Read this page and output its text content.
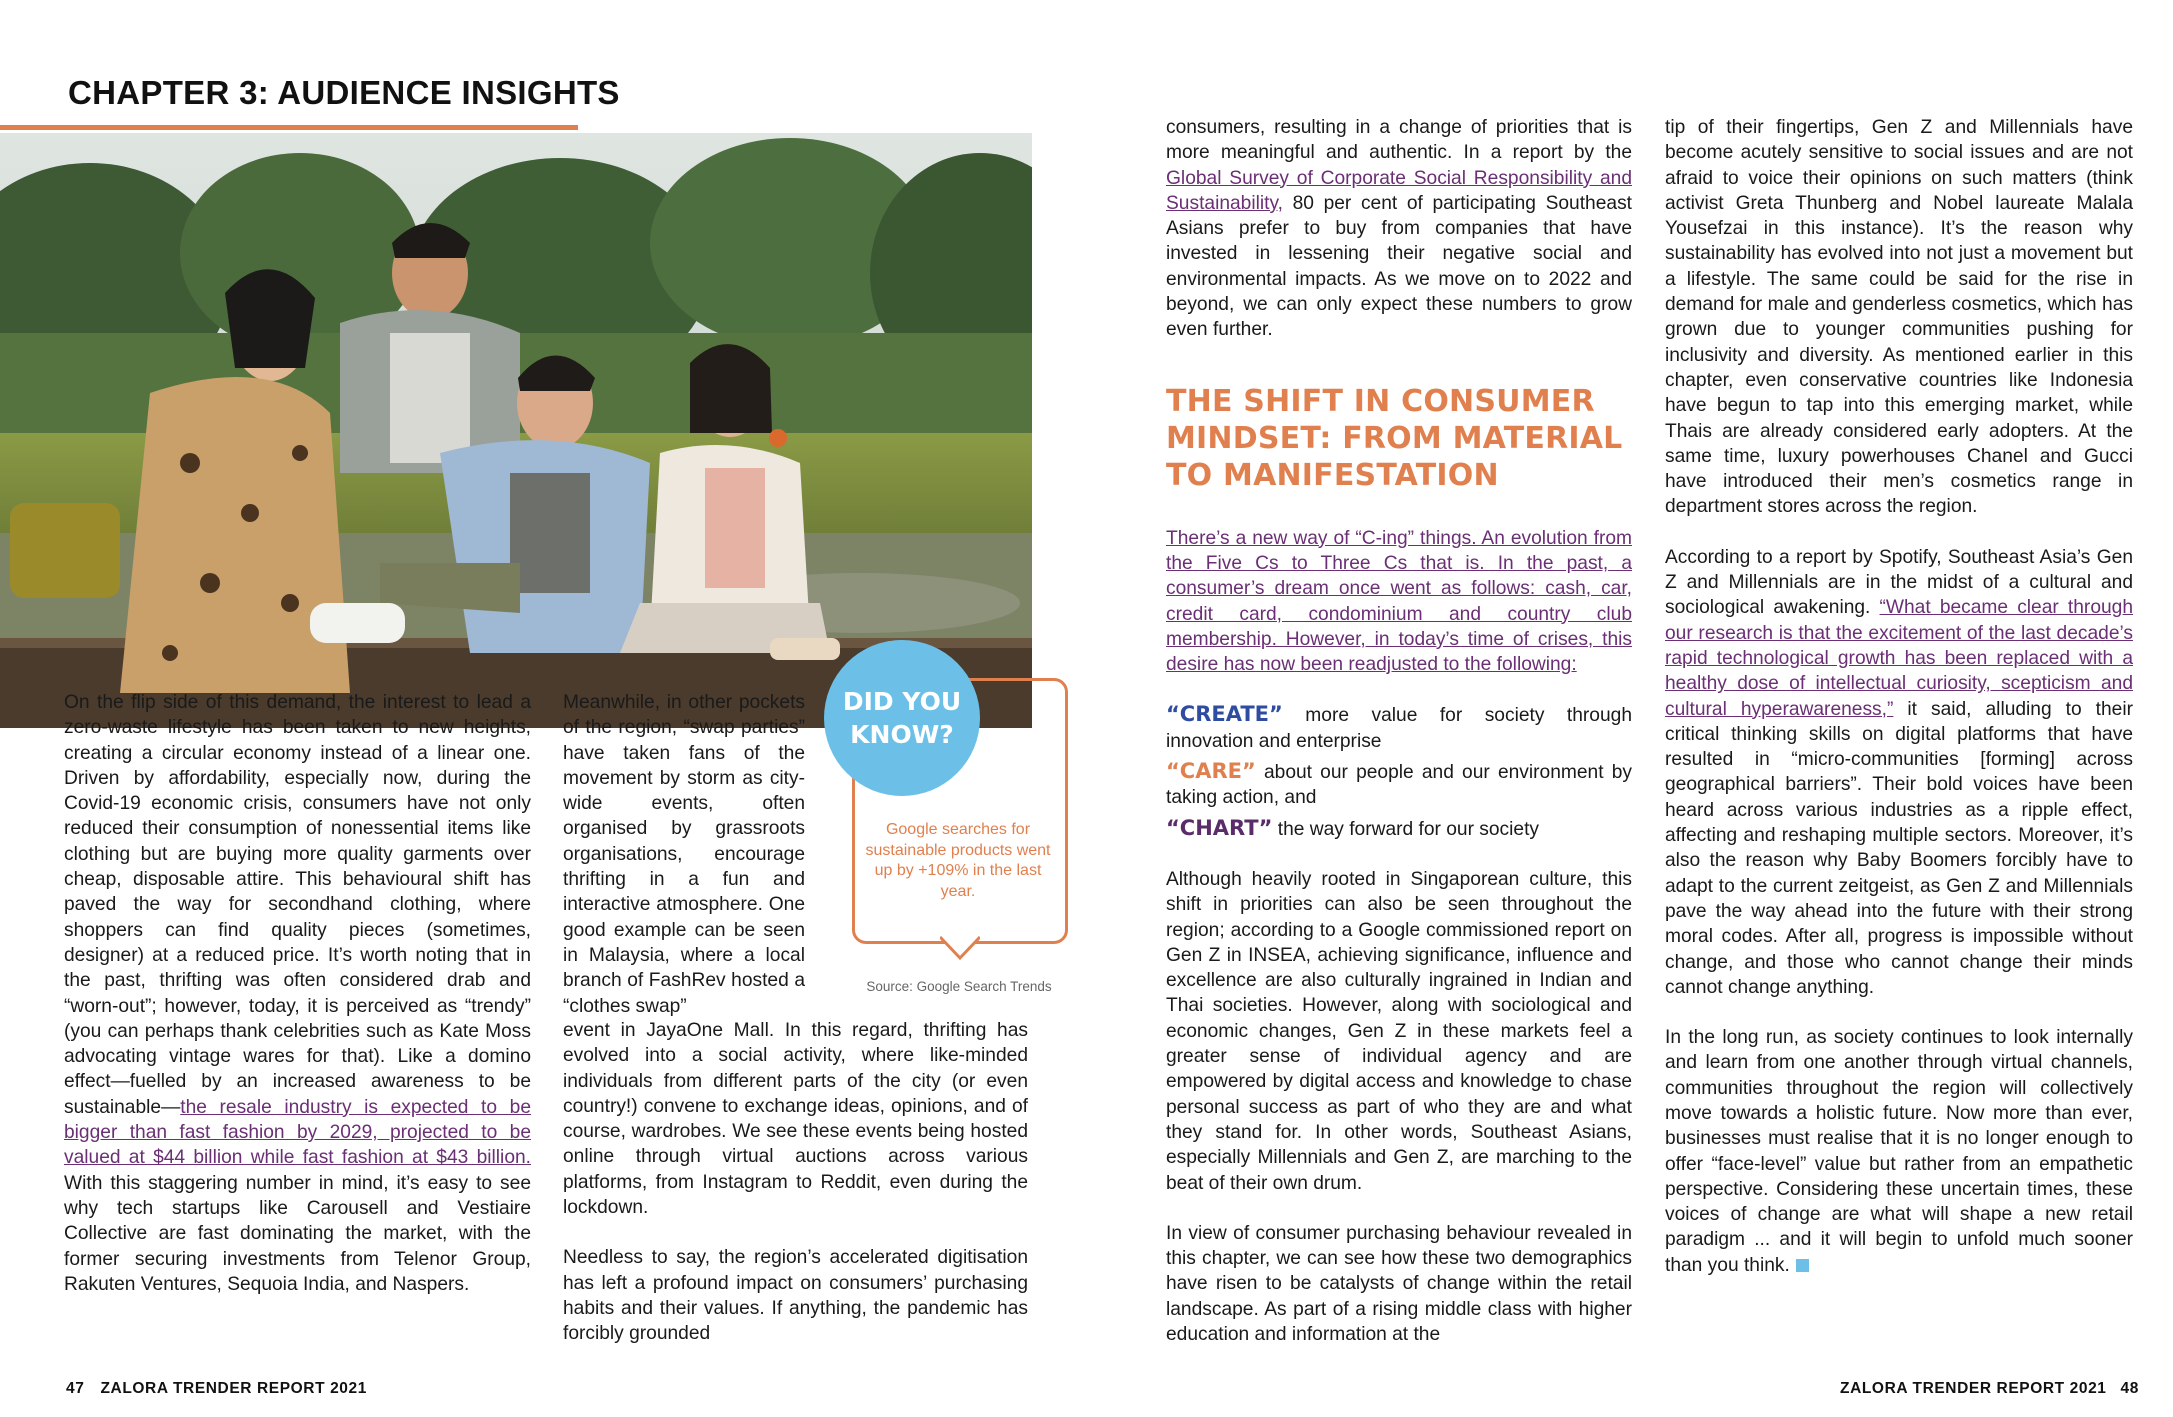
CHAPTER 3: AUDIENCE INSIGHTS

On the flip side of this demand, the interest to lead a zero-waste lifestyle has been taken to new heights, creating a circular economy instead of a linear one. Driven by affordability, especially now, during the Covid-19 economic crisis, consumers have not only reduced their consumption of nonessential items like clothing but are buying more quality garments over cheap, disposable attire. This behavioural shift has paved the way for secondhand clothing, where shoppers can find quality pieces (sometimes, designer) at a reduced price. It’s worth noting that in the past, thrifting was often considered drab and “worn-out”; however, today, it is perceived as “trendy” (you can perhaps thank celebrities such as Kate Moss advocating vintage wares for that). Like a domino effect—fuelled by an increased awareness to be sustainable—the resale industry is expected to be bigger than fast fashion by 2029, projected to be valued at $44 billion while fast fashion at $43 billion. With this staggering number in mind, it’s easy to see why tech startups like Carousell and Vestiaire Collective are fast dominating the market, with the former securing investments from Telenor Group, Rakuten Ventures, Sequoia India, and Naspers.

Meanwhile, in other pockets of the region, “swap parties” have taken fans of the movement by storm as city-wide events, often organised by grassroots organisations, encourage thrifting in a fun and interactive atmosphere. One good example can be seen in Malaysia, where a local branch of FashRev hosted a “clothes swap”

event in JayaOne Mall. In this regard, thrifting has evolved into a social activity, where like-minded individuals from different parts of the city (or even country!) convene to exchange ideas, opinions, and of course, wardrobes. We see these events being hosted online through virtual auctions across various platforms, from Instagram to Reddit, even during the lockdown.

Needless to say, the region’s accelerated digitisation has left a profound impact on consumers’ purchasing habits and their values. If anything, the pandemic has forcibly grounded

DID YOU
KNOW?
Google searches for sustainable products went up by +109% in the last year.
Source: Google Search Trends

consumers, resulting in a change of priorities that is more meaningful and authentic. In a report by the Global Survey of Corporate Social Responsibility and Sustainability, 80 per cent of participating Southeast Asians prefer to buy from companies that have invested in lessening their negative social and environmental impacts. As we move on to 2022 and beyond, we can only expect these numbers to grow even further.

THE SHIFT IN CONSUMER MINDSET: FROM MATERIAL TO MANIFESTATION

There’s a new way of “C-ing” things. An evolution from the Five Cs to Three Cs that is. In the past, a consumer’s dream once went as follows: cash, car, credit card, condominium and country club membership. However, in today’s time of crises, this desire has now been readjusted to the following:

“CREATE” more value for society through innovation and enterprise

“CARE” about our people and our environment by taking action, and

“CHART” the way forward for our society

Although heavily rooted in Singaporean culture, this shift in priorities can also be seen throughout the region; according to a Google commissioned report on Gen Z in INSEA, achieving significance, influence and excellence are also culturally ingrained in Indian and Thai societies. However, along with sociological and economic changes, Gen Z in these markets feel a greater sense of individual agency and are empowered by digital access and knowledge to chase personal success as part of who they are and what they stand for. In other words, Southeast Asians, especially Millennials and Gen Z, are marching to the beat of their own drum.

In view of consumer purchasing behaviour revealed in this chapter, we can see how these two demographics have risen to be catalysts of change within the retail landscape. As part of a rising middle class with higher education and information at the

tip of their fingertips, Gen Z and Millennials have become acutely sensitive to social issues and are not afraid to voice their opinions on such matters (think activist Greta Thunberg and Nobel laureate Malala Yousefzai in this instance). It’s the reason why sustainability has evolved into not just a movement but a lifestyle. The same could be said for the rise in demand for male and genderless cosmetics, which has grown due to younger communities pushing for inclusivity and diversity. As mentioned earlier in this chapter, even conservative countries like Indonesia have begun to tap into this emerging market, while Thais are already considered early adopters. At the same time, luxury powerhouses Chanel and Gucci have introduced their men’s cosmetics range in department stores across the region.

According to a report by Spotify, Southeast Asia’s Gen Z and Millennials are in the midst of a cultural and sociological awakening. “What became clear through our research is that the excitement of the last decade’s rapid technological growth has been replaced with a healthy dose of intellectual curiosity, scepticism and cultural hyperawareness,” it said, alluding to their critical thinking skills on digital platforms that have resulted in “micro-communities [forming] across geographical barriers”. Their bold voices have been heard across various industries as a ripple effect, affecting and reshaping multiple sectors. Moreover, it’s also the reason why Baby Boomers forcibly have to adapt to the current zeitgeist, as Gen Z and Millennials pave the way ahead into the future with their strong moral codes. After all, progress is impossible without change, and those who cannot change their minds cannot change anything.

In the long run, as society continues to look internally and learn from one another through virtual channels, communities throughout the region will collectively move towards a holistic future. Now more than ever, businesses must realise that it is no longer enough to offer “face-level” value but rather from an empathetic perspective. Considering these uncertain times, these voices of change are what will shape a new retail paradigm ... and it will begin to unfold much sooner than you think.

47 ZALORA TRENDER REPORT 2021	ZALORA TRENDER REPORT 2021 48
